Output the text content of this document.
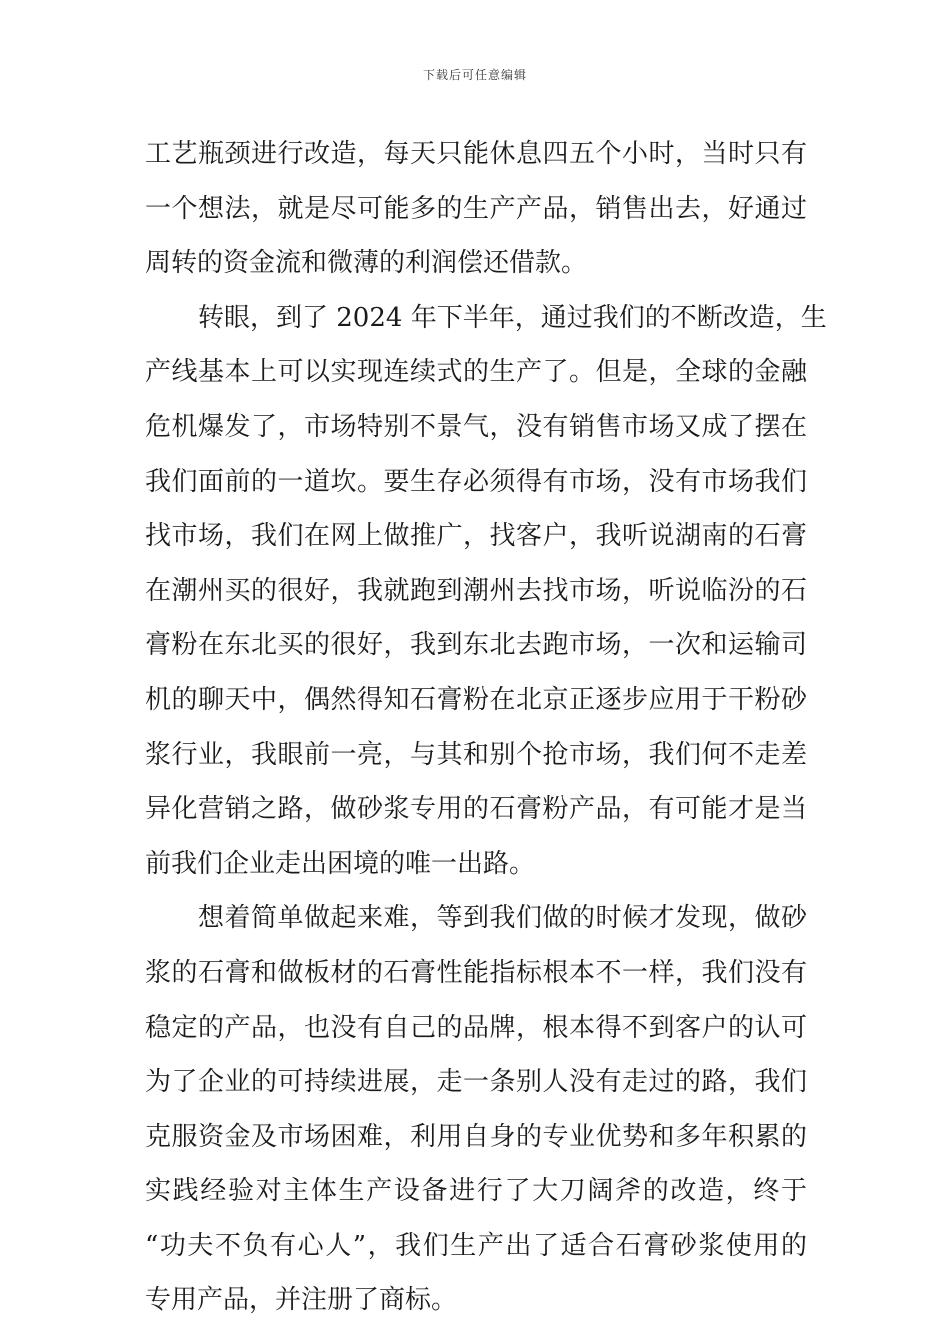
下载后可任意编辑
工艺瓶颈进行改造，每天只能休息四五个小时，当时只有
一个想法，就是尽可能多的生产产品，销售出去，好通过
周转的资金流和微薄的利润偿还借款。
转眼，到了 2024 年下半年，通过我们的不断改造，生
产线基本上可以实现连续式的生产了。但是，全球的金融
危机爆发了，市场特别不景气，没有销售市场又成了摆在
我们面前的一道坎。要生存必须得有市场，没有市场我们
找市场，我们在网上做推广，找客户，我听说湖南的石膏
在潮州买的很好，我就跑到潮州去找市场，听说临汾的石
膏粉在东北买的很好，我到东北去跑市场，一次和运输司
机的聊天中，偶然得知石膏粉在北京正逐步应用于干粉砂
浆行业，我眼前一亮，与其和别个抢市场，我们何不走差
异化营销之路，做砂浆专用的石膏粉产品，有可能才是当
前我们企业走出困境的唯一出路。
想着简单做起来难，等到我们做的时候才发现，做砂
浆的石膏和做板材的石膏性能指标根本不一样，我们没有
稳定的产品，也没有自己的品牌，根本得不到客户的认可
为了企业的可持续进展，走一条别人没有走过的路，我们
克服资金及市场困难，利用自身的专业优势和多年积累的
实践经验对主体生产设备进行了大刀阔斧的改造，终于
“功夫不负有心人”，我们生产出了适合石膏砂浆使用的
专用产品，并注册了商标。
